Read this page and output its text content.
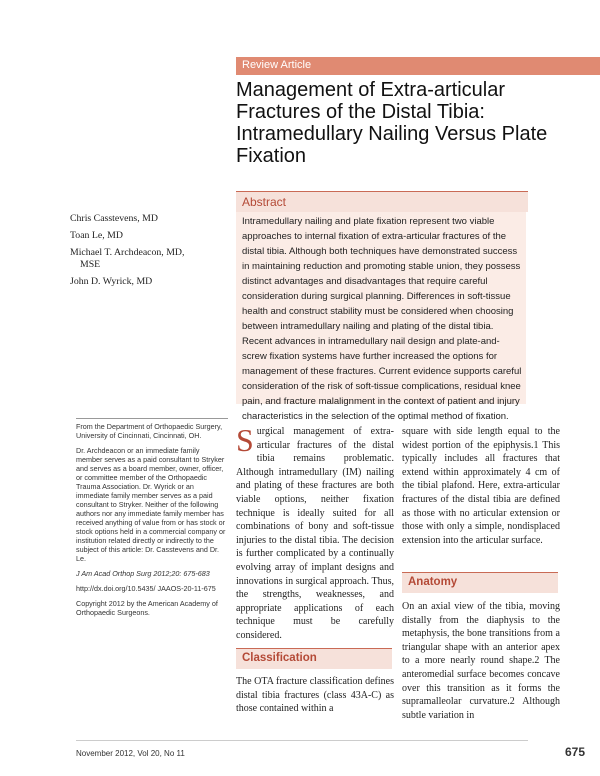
Review Article
Management of Extra-articular Fractures of the Distal Tibia: Intramedullary Nailing Versus Plate Fixation
Chris Casstevens, MD
Toan Le, MD
Michael T. Archdeacon, MD,
MSE
John D. Wyrick, MD
Abstract
Intramedullary nailing and plate fixation represent two viable approaches to internal fixation of extra-articular fractures of the distal tibia. Although both techniques have demonstrated success in maintaining reduction and promoting stable union, they possess distinct advantages and disadvantages that require careful consideration during surgical planning. Differences in soft-tissue health and construct stability must be considered when choosing between intramedullary nailing and plating of the distal tibia. Recent advances in intramedullary nail design and plate-and-screw fixation systems have further increased the options for management of these fractures. Current evidence supports careful consideration of the risk of soft-tissue complications, residual knee pain, and fracture malalignment in the context of patient and injury characteristics in the selection of the optimal method of fixation.

From the Department of Orthopaedic Surgery, University of Cincinnati, Cincinnati, OH.

Dr. Archdeacon or an immediate family member serves as a paid consultant to Stryker and serves as a board member, owner, officer, or committee member of the Orthopaedic Trauma Association. Dr. Wyrick or an immediate family member serves as a paid consultant to Stryker. Neither of the following authors nor any immediate family member has received anything of value from or has stock or stock options held in a commercial company or institution related directly or indirectly to the subject of this article: Dr. Casstevens and Dr. Le.

J Am Acad Orthop Surg 2012;20: 675-683

http://dx.doi.org/10.5435/ JAAOS-20-11-675

Copyright 2012 by the American Academy of Orthopaedic Surgeons.

Surgical management of extra-articular fractures of the distal tibia remains problematic. Although intramedullary (IM) nailing and plating of these fractures are both viable options, neither fixation technique is ideally suited for all combinations of bony and soft-tissue injuries to the distal tibia. The decision is further complicated by a continually evolving array of implant designs and innovations in surgical approach. Thus, the strengths, weaknesses, and appropriate applications of each technique must be carefully considered.

Classification
The OTA fracture classification defines distal tibia fractures (class 43A-C) as those contained within a

square with side length equal to the widest portion of the epiphysis.1 This typically includes all fractures that extend within approximately 4 cm of the tibial plafond. Here, extra-articular fractures of the distal tibia are defined as those with no articular extension or those with only a simple, nondisplaced extension into the articular surface.

Anatomy
On an axial view of the tibia, moving distally from the diaphysis to the metaphysis, the bone transitions from a triangular shape with an anterior apex to a more nearly round shape.2 The anteromedial surface becomes concave over this transition as it forms the supramalleolar curvature.2 Although subtle variation in
November 2012, Vol 20, No 11	675
